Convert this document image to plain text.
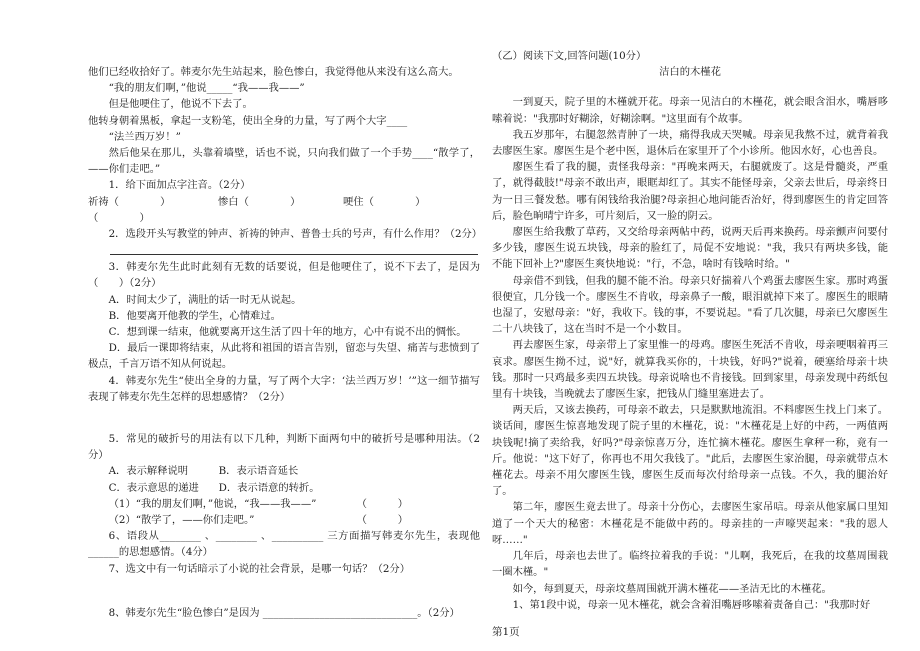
他们已经收拾好了。韩麦尔先生站起来，脸色惨白，我觉得他从来没有这么高大。
“我的朋友们啊，”他说_____“我——我——”
但是他哽住了，他说不下去了。
他转身朝着黑板，拿起一支粉笔，使出全身的力量，写了两个大字____
“法兰西万岁！”
然后他呆在那儿，头靠着墙壁，话也不说，只向我们做了一个手势____“散学了，——你们走吧。”
1．给下面加点字注音。（2分）
祈祷（　　　　）（　　　　）
惨白（　　　　）	哽住（　　　　）
2．选段开头写教堂的钟声、祈祷的钟声、普鲁士兵的号声，有什么作用？（2分）
3．韩麦尔先生此时此刻有无数的话要说，但是他哽住了，说不下去了，是因为（　　）（2分）
A．时间太少了，满肚的话一时无从说起。
B．他要离开他教的学生，心情难过。
C．想到课一结束，他就要离开这生活了四十年的地方，心中有说不出的惆怅。
D．最后一课即将结束，从此将和祖国的语言告别，留恋与失望、痛苦与悲愤到了极点，千言万语不知从何说起。
4．韩麦尔先生“使出全身的力量，写了两个大字：‘法兰西万岁！’”这一细节描写表现了韩麦尔先生怎样的思想感情？（2分）
5．常见的破折号的用法有以下几种，判断下面两句中的破折号是哪种用法。（2分）
A．表示解释说明	B．表示语音延长
C．表示意思的递进	D．表示语意的转折。
（1）“我的朋友们啊，”他说，“我——我——”	（　　　）
（2）“散学了，——你们走吧。”	（　　　）
6、语段从________ 、________ 、__________ 三方面描写韩麦尔先生，表现他 ______的思想感情。（4分）
7、选文中有一句话暗示了小说的社会背景，是哪一句话？（2分）
8、韩麦尔先生“脸色惨白”是因为 ______________________________。（2分）
（乙）阅读下文,回答问题(10分）
洁白的木槿花
一到夏天，院子里的木槿就开花。母亲一见洁白的木槿花，就会眼含泪水，嘴唇哆嗦着说："我那时好糊涂，好糊涂啊。"这里面有个故事。
我五岁那年，右腿忽然青肿了一块，痛得我成天哭喊。母亲见我熬不过，就背着我去廖医生家。廖医生是个老中医，退休后在家里开了个小诊所。他因水好，心也善良。
廖医生看了我的腿，责怪我母亲："再晚来两天，右腿就废了。这是骨髓炎，严重了，就得截肢!"母亲不敢出声，眼眶却红了。其实不能怪母亲，父亲去世后，母亲终日为一日三餐发愁。哪有闲钱给我治腿?母亲担心地问能否治好，得到廖医生的肯定回答后，脸色晌晴宁许多，可片刻后，又一脸的阴云。
廖医生给我敷了草药，又交给母亲两帖中药，说两天后再来换药。母亲颤声问要付多少钱，廖医生说五块钱，母亲的脸红了，局促不安地说："我，我只有两块多钱，能不能下回补上?"廖医生爽快地说："行，不急，啥时有钱啥时给。"
母亲借不到钱，但我的腿不能不治。母亲只好揣着八个鸡蛋去廖医生家。那时鸡蛋很便宜，几分钱一个。廖医生不肯收，母亲鼻子一酸，眼泪就掉下来了。廖医生的眼睛也湿了，安慰母亲："好，我收下。钱的事，不要说起。"看了几次腿，母亲已欠廖医生二十八块钱了，这在当时不是一个小数目。
再去廖医生家，母亲带上了家里惟一的母鸡。廖医生死活不肯收，母亲哽咽着再三哀求。廖医生拗不过，说"好，就算我买你的，十块钱，好吗?"说着，硬塞给母亲十块钱。那时一只鸡最多卖四五块钱。母亲说啥也不肯接钱。回到家里，母亲发现中药纸包里有十块钱，当晚就去了廖医生家，把钱从门缝里塞进去了。
两天后，又该去换药，可母亲不敢去，只是默默地流泪。不料廖医生找上门来了。谈话间，廖医生惊喜地发现了院子里的木槿花，说："木槿花是上好的中药，一两值两块钱呢!摘了卖给我，好吗?"母亲惊喜万分，连忙摘木槿花。廖医生拿秤一称，竟有一斤。他说："这下好了，你再也不用欠我钱了。"此后，去廖医生家治腿，母亲就带点木槿花去。母亲不用欠廖医生钱，廖医生反而每次付给母亲一点钱。不久，我的腿治好了。
第二年，廖医生竟去世了。母亲十分伤心，去廖医生家吊唁。母亲从他家属口里知道了一个天大的秘密：木槿花是不能做中药的。母亲挂的一声嚎哭起来："我的恩人呀……"
几年后，母亲也去世了。临终拉着我的手说："儿啊，我死后，在我的坟墓周围栽一圈木槿。"
如今，每到夏天，母亲坟墓周围就开满木槿花——圣洁无比的木槿花。
1、第1段中说，母亲一见木槿花，就会含着泪嘴唇哆嗦着责备自己："我那时好
第1页
